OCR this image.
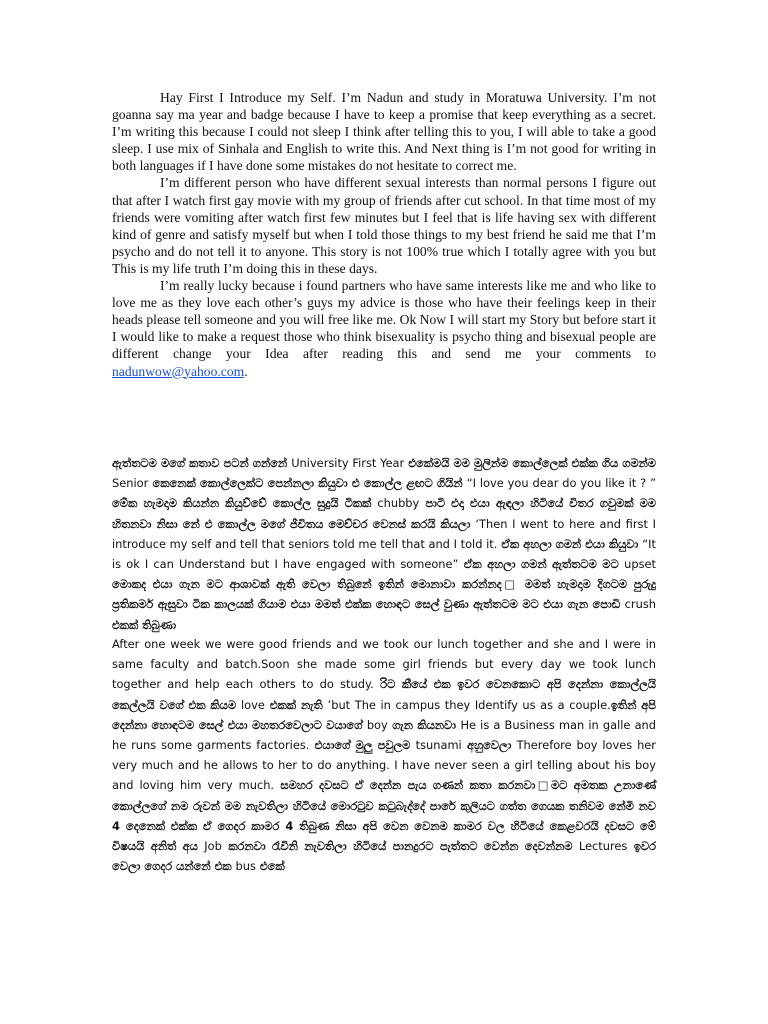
Hay First I Introduce my Self. I’m Nadun and study in Moratuwa University. I’m not goanna say ma year and badge because I have to keep a promise that keep everything as a secret. I’m writing this because I could not sleep I think after telling this to you, I will able to take a good sleep. I use mix of Sinhala and English to write this. And Next thing is I’m not good for writing in both languages if I have done some mistakes do not hesitate to correct me.

I’m different person who have different sexual interests than normal persons I figure out that after I watch first gay movie with my group of friends after cut school. In that time most of my friends were vomiting after watch first few minutes but I feel that is life having sex with different kind of genre and satisfy myself but when I told those things to my best friend he said me that I’m psycho and do not tell it to anyone. This story is not 100% true which I totally agree with you but This is my life truth I’m doing this in these days.

I’m really lucky because i found partners who have same interests like me and who like to love me as they love each other’s guys my advice is those who have their feelings keep in their heads please tell someone and you will free like me. Ok Now I will start my Story but before start it I would like to make a request those who think bisexuality is psycho thing and bisexual people are different change your Idea after reading this and send me your comments to nadunwow@yahoo.com.

ඇත්තටම මගේ කතාව පටන් ගන්නේ University First Year එකේමයි මම මුලින්ම කොල්ලෙක් එක්ක ගිය ගමන්ම Senior කෙනෙක් කොල්ලෙක්ට පෙන්නලා කියුවා එ කොල්ල ළඟට ගියින් “I love you dear do you like it ? ” මේක හැමදාම කියන්න කියුව්වේ කොල්ල සුදුයි ටිකක් chubby පාටි එදා එයා ඇඳලා හිටියේ විතර ගවුමක් මම හිතනවා නිසා නේ එ කොල්ල මගේ ජීවිතය මෙච්චර වෙනස් කරයි කියලා ‘Then I went to here and first I introduce my self and tell that seniors told me tell that and I told it. ඒක අහලා ගමන් එයා කියුවා “It is ok I can Understand but I have engaged with someone” ඒක අහලා ගමන් ඇත්තටම මට upset මොකද එයා ගැන මට ආශාවක් ඇති වෙලා තිබුනේ ඉතින් මොනාවා කරන්නද□ මමත් හැමදාම දිගටම පුරුදු ප්‍රතිකර්ම ඇසුවා ටික කාලයක් ගියාම එයා මමත් එක්ක හොඳට සෙල් වුණා ඇත්තටම මට එයා ගැන පොඩි crush එකක් තිබුණා

After one week we were good friends and we took our lunch together and she and I were in same faculty and batch.Soon she made some girl friends but every day we took lunch together and help each others to do study. රිට කීයේ එක ඉවර වෙනකොට අපි දෙන්නා කොල්ලයි කෙල්ලයි වගේ එක කියම love එකක් නැති ’but The in campus they Identify us as a couple.ඉතින් අපි දෙන්නා හොඳටම සෙල් එයා මහතරවෙලාට වයාගේ boy ගැන කියනවා He is a Business man in galle and he runs some garments factories. එයාගේ මුලු පවුලම tsunami අහුවෙලා Therefore boy loves her very much and he allows to her to do anything. I have never seen a girl telling about his boy and loving him very much. සමහර දවසට ඒ දෙන්න පැය ගණන් කතා කරනවා□මට අමතක උනාණේ කොල්ලගේ නම රුවන් මම නැවතිලා හිටියේ මොරටුව කටුබැද්දේ පාරේ කුලියට ගත්ත ගෙයක තනිවම නේමි නව 4 දෙනෙක් එක්ක ඒ ගෙදර කාමර 4 තිබුණ නිසා අපි වෙන වෙනම කාමර වල හිටියේ කෙළවරයි දවසට මේ විෂයයි අනිත් අය Job කරනවා රෑවිනි නැවතිලා හිටියේ පානදුරට පැත්තට වෙන්න දෙවන්නම Lectures ඉවර වෙලා ගෙදර යන්නේ එක bus එකේ
